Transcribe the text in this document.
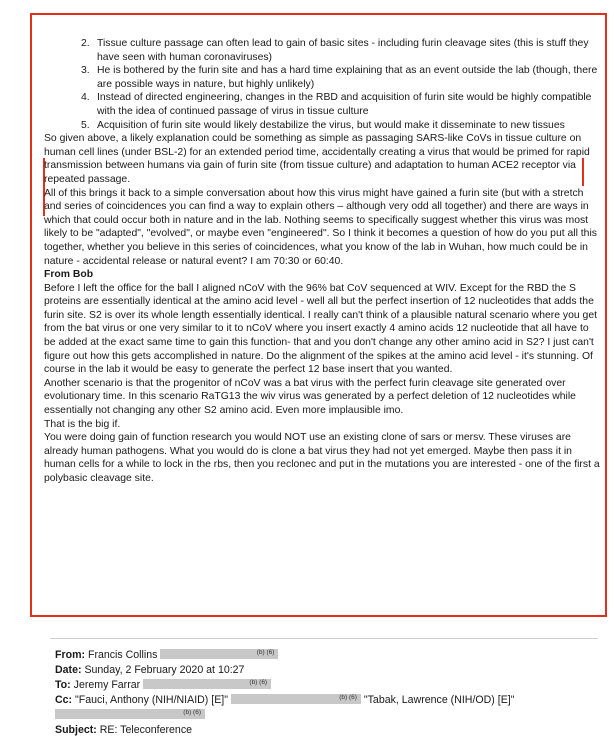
2. Tissue culture passage can often lead to gain of basic sites - including furin cleavage sites (this is stuff they have seen with human coronaviruses)
3. He is bothered by the furin site and has a hard time explaining that as an event outside the lab (though, there are possible ways in nature, but highly unlikely)
4. Instead of directed engineering, changes in the RBD and acquisition of furin site would be highly compatible with the idea of continued passage of virus in tissue culture
5. Acquisition of furin site would likely destabilize the virus, but would make it disseminate to new tissues

So given above, a likely explanation could be something as simple as passaging SARS-like CoVs in tissue culture on human cell lines (under BSL-2) for an extended period time, accidentally creating a virus that would be primed for rapid transmission between humans via gain of furin site (from tissue culture) and adaptation to human ACE2 receptor via repeated passage.

All of this brings it back to a simple conversation about how this virus might have gained a furin site (but with a stretch and series of coincidences you can find a way to explain others – although very odd all together) and there are ways in which that could occur both in nature and in the lab. Nothing seems to specifically suggest whether this virus was most likely to be "adapted", "evolved", or maybe even "engineered". So I think it becomes a question of how do you put all this together, whether you believe in this series of coincidences, what you know of the lab in Wuhan, how much could be in nature - accidental release or natural event? I am 70:30 or 60:40.

From Bob

Before I left the office for the ball I aligned nCoV with the 96% bat CoV sequenced at WIV. Except for the RBD the S proteins are essentially identical at the amino acid level - well all but the perfect insertion of 12 nucleotides that adds the furin site. S2 is over its whole length essentially identical. I really can't think of a plausible natural scenario where you get from the bat virus or one very similar to it to nCoV where you insert exactly 4 amino acids 12 nucleotide that all have to be added at the exact same time to gain this function- that and you don't change any other amino acid in S2? I just can't figure out how this gets accomplished in nature. Do the alignment of the spikes at the amino acid level - it's stunning. Of course in the lab it would be easy to generate the perfect 12 base insert that you wanted.

Another scenario is that the progenitor of nCoV was a bat virus with the perfect furin cleavage site generated over evolutionary time. In this scenario RaTG13 the wiv virus was generated by a perfect deletion of 12 nucleotides while essentially not changing any other S2 amino acid. Even more implausible imo.

That is the big if.

You were doing gain of function research you would NOT use an existing clone of sars or mersv. These viruses are already human pathogens. What you would do is clone a bat virus they had not yet emerged. Maybe then pass it in human cells for a while to lock in the rbs, then you reclonec and put in the mutations you are interested - one of the first a polybasic cleavage site.

From: Francis Collins	(b) (6)
Date: Sunday, 2 February 2020 at 10:27
To: Jeremy Farrar	(b) (6)
Cc: "Fauci, Anthony (NIH/NIAID) [E]"	(b) (6) "Tabak, Lawrence (NIH/OD) [E]"
(b) (6)
Subject: RE: Teleconference
